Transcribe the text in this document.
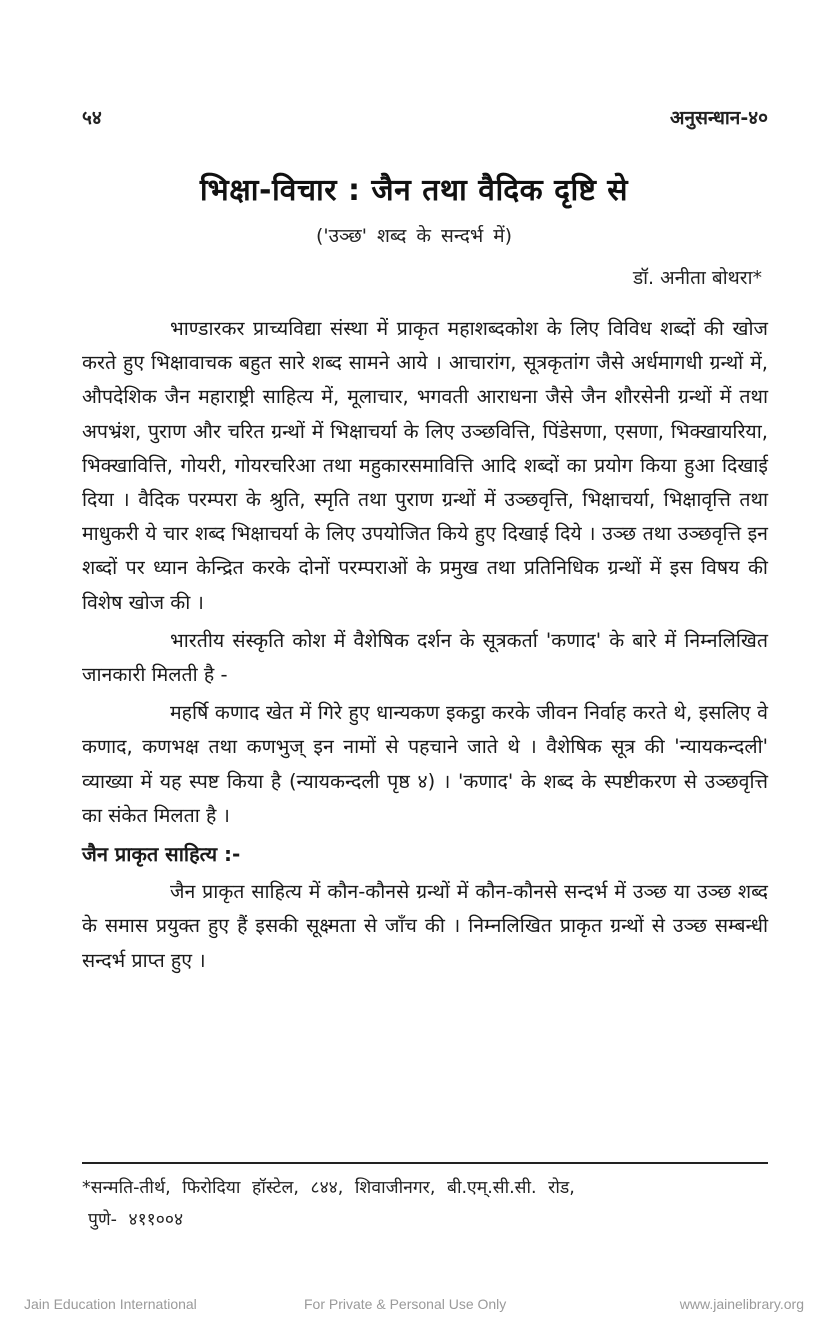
५४	अनुसन्धान-४०
भिक्षा-विचार : जैन तथा वैदिक दृष्टि से
('उञ्छ' शब्द के सन्दर्भ में)
डॉ. अनीता बोथरा*

भाण्डारकर प्राच्यविद्या संस्था में प्राकृत महाशब्दकोश के लिए विविध शब्दों की खोज करते हुए भिक्षावाचक बहुत सारे शब्द सामने आये । आचारांग, सूत्रकृतांग जैसे अर्धमागधी ग्रन्थों में, औपदेशिक जैन महाराष्ट्री साहित्य में, मूलाचार, भगवती आराधना जैसे जैन शौरसेनी ग्रन्थों में तथा अपभ्रंश, पुराण और चरित ग्रन्थों में भिक्षाचर्या के लिए उञ्छवित्ति, पिंडेसणा, एसणा, भिक्खायरिया, भिक्खावित्ति, गोयरी, गोयरचरिआ तथा महुकारसमावित्ति आदि शब्दों का प्रयोग किया हुआ दिखाई दिया । वैदिक परम्परा के श्रुति, स्मृति तथा पुराण ग्रन्थों में उञ्छवृत्ति, भिक्षाचर्या, भिक्षावृत्ति तथा माधुकरी ये चार शब्द भिक्षाचर्या के लिए उपयोजित किये हुए दिखाई दिये । उञ्छ तथा उञ्छवृत्ति इन शब्दों पर ध्यान केन्द्रित करके दोनों परम्पराओं के प्रमुख तथा प्रतिनिधिक ग्रन्थों में इस विषय की विशेष खोज की ।

भारतीय संस्कृति कोश में वैशेषिक दर्शन के सूत्रकर्ता 'कणाद' के बारे में निम्नलिखित जानकारी मिलती है -

महर्षि कणाद खेत में गिरे हुए धान्यकण इकट्ठा करके जीवन निर्वाह करते थे, इसलिए वे कणाद, कणभक्ष तथा कणभुज् इन नामों से पहचाने जाते थे । वैशेषिक सूत्र की 'न्यायकन्दली' व्याख्या में यह स्पष्ट किया है (न्यायकन्दली पृष्ठ ४) । 'कणाद' के शब्द के स्पष्टीकरण से उञ्छवृत्ति का संकेत मिलता है ।

जैन प्राकृत साहित्य :-

जैन प्राकृत साहित्य में कौन-कौनसे ग्रन्थों में कौन-कौनसे सन्दर्भ में उञ्छ या उञ्छ शब्द के समास प्रयुक्त हुए हैं इसकी सूक्ष्मता से जाँच की । निम्नलिखित प्राकृत ग्रन्थों से उञ्छ सम्बन्धी सन्दर्भ प्राप्त हुए ।

*सन्मति-तीर्थ, फिरोदिया हॉस्टेल, ८४४, शिवाजीनगर, बी.एम्.सी.सी. रोड,
पुणे- ४११००४
Jain Education International	For Private & Personal Use Only	www.jainelibrary.org
